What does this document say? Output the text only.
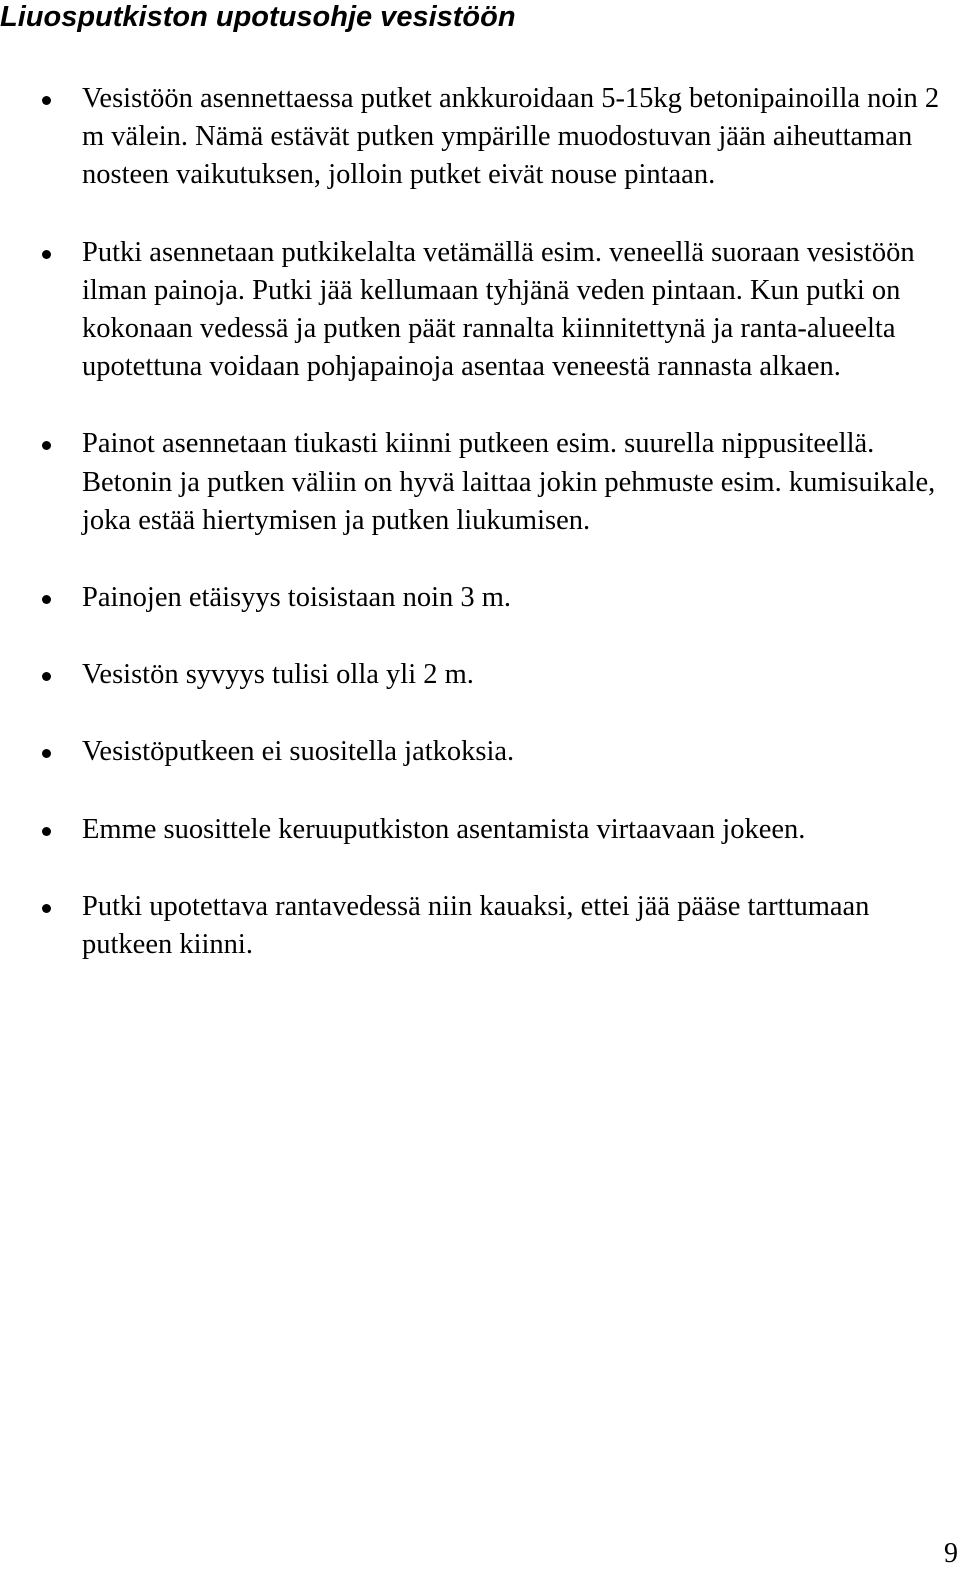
Liuosputkiston upotusohje vesistöön
Vesistöön asennettaessa putket ankkuroidaan 5-15kg betonipainoilla noin 2 m välein. Nämä estävät putken ympärille muodostuvan jään aiheuttaman nosteen vaikutuksen, jolloin putket eivät nouse pintaan.
Putki asennetaan putkikelalta vetämällä esim. veneellä suoraan vesistöön ilman painoja. Putki jää kellumaan tyhjänä veden pintaan. Kun putki on kokonaan vedessä ja putken päät rannalta kiinnitettynä ja ranta-alueelta upotettuna voidaan pohjapainoja asentaa veneestä rannasta alkaen.
Painot asennetaan tiukasti kiinni putkeen esim. suurella nippusiteellä. Betonin ja putken väliin on hyvä laittaa jokin pehmuste esim. kumisuikale, joka estää hiertymisen ja putken liukumisen.
Painojen etäisyys toisistaan noin 3 m.
Vesistön syvyys tulisi olla yli 2 m.
Vesistöputkeen ei suositella jatkoksia.
Emme suosittele keruuputkiston asentamista virtaavaan jokeen.
Putki upotettava rantavedessä niin kauaksi, ettei jää pääse tarttumaan putkeen kiinni.
9
